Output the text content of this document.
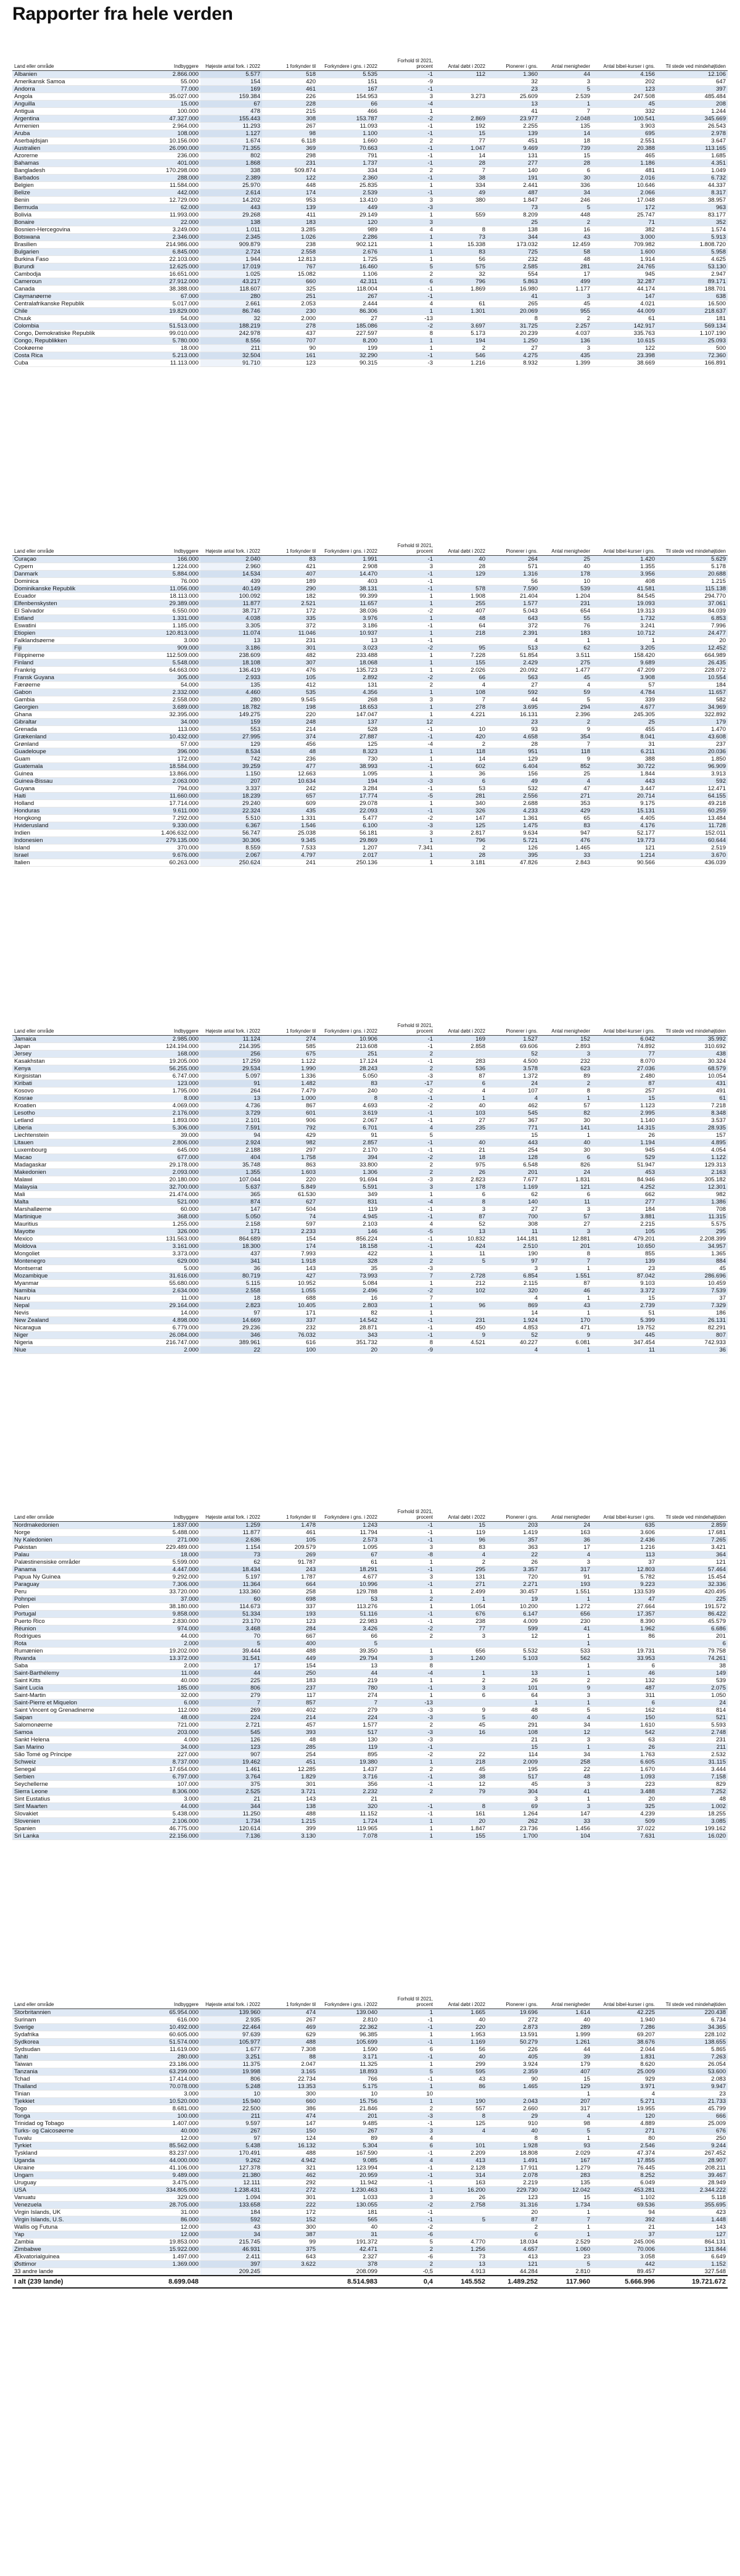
Rapporter fra hele verden
Land eller område	Indbyggere	Højeste antal fork. i 2022	1 forkynder til	Forkyndere i gns. i 2022	Forhold til 2021, procent	Antal døbt i 2022	Pionerer i gns.	Antal menigheder	Antal bibel-kurser i gns.	Til stede ved mindehøjtiden
Albanien	2.866.000	5.577	518	5.535	-1	112	1.360	44	4.156	12.106
Amerikansk Samoa	55.000	154	420	151	-9		32	3	202	647
Andorra	77.000	169	461	167	-1		23	5	123	397
Angola	35.027.000	159.384	226	154.953	3	3.273	25.609	2.539	247.508	485.484
Anguilla	15.000	67	228	66	-4		13	1	45	208
Antigua	100.000	478	215	466	1		41	7	332	1.244
Argentina	47.327.000	155.443	308	153.787	-2	2.869	23.977	2.048	100.541	345.669
Armenien	2.964.000	11.293	267	11.093	-1	192	2.255	135	3.903	26.543
Aruba	108.000	1.127	98	1.100	-1	15	139	14	695	2.978
Aserbajdsjan	10.156.000	1.674	6.118	1.660	2	77	451	18	2.551	3.647
Australien	26.090.000	71.355	369	70.663	-1	1.047	9.469	739	20.388	113.165
Azorerne	236.000	802	298	791	-1	14	131	15	465	1.685
Bahamas	401.000	1.868	231	1.737	-1	28	277	28	1.186	4.351
Bangladesh	170.298.000	338	509.874	334	2	7	140	6	481	1.049
Barbados	288.000	2.389	122	2.360	-1	38	191	30	2.016	6.732
Belgien	11.584.000	25.970	448	25.835	1	334	2.441	336	10.646	44.337
Belize	442.000	2.614	174	2.539	-1	49	487	34	2.066	8.317
Benin	12.729.000	14.202	953	13.410	3	380	1.847	246	17.048	38.957
Bermuda	62.000	443	139	449	-3		73	5	172	963
Bolivia	11.993.000	29.268	411	29.149	1	559	8.209	448	25.747	83.177
Bonaire	22.000	138	183	120	3		25	2	71	352
Bosnien-Hercegovina	3.249.000	1.011	3.285	989	4	8	138	16	382	1.574
Botswana	2.346.000	2.345	1.026	2.286	1	73	344	43	3.000	5.913
Brasilien	214.986.000	909.879	238	902.121	1	15.338	173.032	12.459	709.982	1.808.720
Bulgarien	6.845.000	2.724	2.558	2.676	1	83	725	58	1.600	5.958
Burkina Faso	22.103.000	1.944	12.813	1.725	1	56	232	48	1.914	4.625
Burundi	12.625.000	17.019	767	16.460	5	575	2.585	281	24.765	53.130
Cambodja	16.651.000	1.025	15.082	1.106	2	32	554	17	945	2.947
Cameroun	27.912.000	43.217	660	42.311	6	796	5.863	499	32.287	89.171
Canada	38.388.000	118.607	325	118.004	-1	1.869	16.980	1.177	44.174	188.701
Caymanøerne	67.000	280	251	267	-1		41	3	147	638
Centralafrikanske Republik	5.017.000	2.661	2.053	2.444	4	61	265	45	4.021	16.500
Chile	19.829.000	86.746	230	86.306	1	1.301	20.069	955	44.009	218.637
Chuuk	54.000	32	2.000	27	-13		8	2	61	181
Colombia	51.513.000	188.219	278	185.086	-2	3.697	31.725	2.257	142.917	569.134
Congo, Demokratiske Republik	99.010.000	242.978	437	227.597	8	5.173	20.239	4.037	335.763	1.107.190
Congo, Republikken	5.780.000	8.556	707	8.200	1	194	1.250	136	10.615	25.093
Cookøerne	18.000	211	90	199	1	2	27	3	122	500
Costa Rica	5.213.000	32.504	161	32.290	-1	546	4.275	435	23.398	72.360
Cuba	11.113.000	91.710	123	90.315	-3	1.216	8.932	1.399	38.669	166.891
Land eller område	Indbyggere	Højeste antal fork. i 2022	1 forkynder til	Forkyndere i gns. i 2022	Forhold til 2021, procent	Antal døbt i 2022	Pionerer i gns.	Antal menigheder	Antal bibel-kurser i gns.	Til stede ved mindehøjtiden
Curaçao	166.000	2.040	83	1.991	-1	40	264	25	1.420	5.629
Cypern	1.224.000	2.960	421	2.908	3	28	571	40	1.355	5.178
Danmark	5.884.000	14.534	407	14.470	-1	129	1.316	178	3.956	20.688
Dominica	76.000	439	189	403	-1		56	10	408	1.215
Dominikanske Republik	11.056.000	40.149	290	38.131	-1	578	7.590	539	41.581	115.138
Ecuador	18.113.000	100.092	182	99.399	1	1.908	21.404	1.204	84.545	294.770
Elfenbenskysten	29.389.000	11.877	2.521	11.657	1	255	1.577	231	19.093	37.061
El Salvador	6.550.000	38.717	172	38.036	-2	407	5.043	654	19.313	84.039
Estland	1.331.000	4.038	335	3.976	1	48	643	55	1.732	6.853
Eswatini	1.185.000	3.305	372	3.186	-1	64	372	76	3.241	7.996
Etiopien	120.813.000	11.074	11.046	10.937	1	218	2.391	183	10.712	24.477
Falklandsøerne	3.000	13	231	13	-1		4	1	1	20
Fiji	909.000	3.186	301	3.023	-2	95	513	62	3.205	12.452
Filippinerne	112.509.000	238.609	482	233.488	1	7.228	51.854	3.511	158.420	664.989
Finland	5.548.000	18.108	307	18.068	1	155	2.429	275	9.689	26.435
Frankrig	64.663.000	136.419	476	135.723	1	2.026	20.092	1.477	47.209	228.072
Fransk Guyana	305.000	2.933	105	2.892	-2	66	563	45	3.908	10.554
Færøerne	54.000	135	412	131	2	4	27	4	57	184
Gabon	2.332.000	4.460	535	4.356	1	108	592	59	4.784	11.657
Gambia	2.558.000	280	9.545	268	3	7	44	5	339	582
Georgien	3.689.000	18.782	198	18.653	1	278	3.695	294	4.677	34.969
Ghana	32.395.000	149.275	220	147.047	1	4.221	16.131	2.396	245.305	322.892
Gibraltar	34.000	159	248	137	12		23	2	25	179
Grenada	113.000	553	214	528	-1	10	93	9	455	1.470
Grækenland	10.432.000	27.995	374	27.887	-1	420	4.658	354	8.041	43.608
Grønland	57.000	129	456	125	-4	2	28	7	31	237
Guadeloupe	396.000	8.534	48	8.323	1	118	951	118	6.211	20.036
Guam	172.000	742	236	730	1	14	129	9	388	1.850
Guatemala	18.584.000	39.259	477	38.993	-1	602	6.404	852	30.722	96.909
Guinea	13.866.000	1.150	12.663	1.095	1	36	156	25	1.844	3.913
Guinea-Bissau	2.063.000	207	10.634	194	-3	6	49	4	443	592
Guyana	794.000	3.337	242	3.284	-1	53	532	47	3.447	12.471
Haiti	11.660.000	18.239	657	17.774	-5	281	2.556	271	20.714	64.155
Holland	17.714.000	29.240	609	29.078	1	340	2.688	353	9.175	49.218
Honduras	9.611.000	22.324	435	22.093	-1	326	4.233	429	15.131	60.259
Hongkong	7.292.000	5.510	1.331	5.477	-2	147	1.361	65	4.405	13.484
Hviderusland	9.330.000	6.367	1.546	6.100	-3	125	1.475	83	4.176	11.728
Indien	1.406.632.000	56.747	25.038	56.181	3	2.817	9.634	947	52.177	152.011
Indonesien	279.135.000	30.306	9.345	29.869	1	796	5.721	476	19.773	60.644
Island	370.000	8.559	7.533	1.207	7.341	2	126	1.465	121	2.519
Israel	9.676.000	2.067	4.797	2.017	1	28	395	33	1.214	3.670
Italien	60.263.000	250.624	241	250.136	1	3.181	47.826	2.843	90.566	436.039
Land eller område	Indbyggere	Højeste antal fork. i 2022	1 forkynder til	Forkyndere i gns. i 2022	Forhold til 2021, procent	Antal døbt i 2022	Pionerer i gns.	Antal menigheder	Antal bibel-kurser i gns.	Til stede ved mindehøjtiden
Jamaica	2.985.000	11.124	274	10.906	-1	169	1.527	152	6.042	35.992
Japan	124.194.000	214.395	585	213.608	-1	2.858	69.606	2.893	74.892	310.692
Jersey	168.000	256	675	251	2		52	3	77	438
Kasakhstan	19.205.000	17.259	1.122	17.124	-1	283	4.500	232	8.070	30.324
Kenya	56.255.000	29.534	1.990	28.243	2	536	3.578	623	27.036	68.579
Kirgisistan	6.747.000	5.097	1.336	5.050	-3	87	1.372	89	2.480	10.054
Kiribati	123.000	91	1.482	83	-17	6	24	2	87	431
Kosovo	1.795.000	264	7.479	240	-2	4	107	8	257	491
Kosrae	8.000	13	1.000	8	-1	1	4	1	15	61
Kroatien	4.069.000	4.736	867	4.693	-2	40	462	57	1.123	7.218
Lesotho	2.176.000	3.729	601	3.619	-1	103	545	82	2.995	8.348
Letland	1.893.000	2.101	906	2.067	-1	27	367	30	1.140	3.537
Liberia	5.306.000	7.591	792	6.701	4	235	771	141	14.315	28.935
Liechtenstein	39.000	94	429	91	5		15	1	26	157
Litauen	2.806.000	2.924	982	2.857	-1	40	443	40	1.194	4.895
Luxembourg	645.000	2.188	297	2.170	-1	21	254	30	945	4.054
Macao	677.000	404	1.758	394	-2	18	128	6	529	1.122
Madagaskar	29.178.000	35.748	863	33.800	2	975	6.548	826	51.947	129.313
Makedonien	2.093.000	1.355	1.603	1.306	2	26	201	24	453	2.163
Malawi	20.180.000	107.044	220	91.694	-3	2.823	7.677	1.831	84.946	305.182
Malaysia	32.700.000	5.637	5.849	5.591	3	178	1.169	121	4.252	12.301
Mali	21.474.000	365	61.530	349	1	6	62	6	662	982
Malta	521.000	874	627	831	-4	8	140	11	277	1.386
Marshalløerne	60.000	147	504	119	-1	3	27	3	184	708
Martinique	368.000	5.050	74	4.945	-1	87	700	57	3.881	11.315
Mauritius	1.255.000	2.158	597	2.103	4	52	308	27	2.215	5.575
Mayotte	326.000	171	2.233	146	-5	13	11	3	105	295
Mexico	131.563.000	864.689	154	856.224	-1	10.832	144.181	12.881	479.201	2.208.399
Moldova	3.161.000	18.300	174	18.158	-1	424	2.510	201	10.650	34.957
Mongoliet	3.373.000	437	7.993	422	1	11	190	8	855	1.365
Montenegro	629.000	341	1.918	328	2	5	97	7	139	884
Montserrat	5.000	36	143	35	-3		3	1	23	45
Mozambique	31.616.000	80.719	427	73.993	7	2.728	6.854	1.551	87.042	286.696
Myanmar	55.680.000	5.115	10.952	5.084	1	212	2.115	87	9.103	10.459
Namibia	2.634.000	2.558	1.055	2.496	-2	102	320	46	3.372	7.539
Nauru	11.000	18	688	16	7		4	1	15	37
Nepal	29.164.000	2.823	10.405	2.803	1	96	869	43	2.739	7.329
Nevis	14.000	97	171	82	1		14	1	51	186
New Zealand	4.898.000	14.669	337	14.542	-1	231	1.924	170	5.399	26.131
Nicaragua	6.779.000	29.236	232	28.871	-1	450	4.853	471	19.752	82.291
Niger	26.084.000	346	76.032	343	-1	9	52	9	445	807
Nigeria	216.747.000	389.961	616	351.732	8	4.521	40.227	6.081	347.454	742.933
Niue	2.000	22	100	20	-9		4	1	11	36
Land eller område	Indbyggere	Højeste antal fork. i 2022	1 forkynder til	Forkyndere i gns. i 2022	Forhold til 2021, procent	Antal døbt i 2022	Pionerer i gns.	Antal menigheder	Antal bibel-kurser i gns.	Til stede ved mindehøjtiden
Nordmakedonien	1.837.000	1.259	1.478	1.243	-1	15	203	24	635	2.859
Norge	5.488.000	11.877	461	11.794	-1	119	1.419	163	3.606	17.681
Ny Kaledonien	271.000	2.636	105	2.573	-1	96	357	36	2.436	7.265
Pakistan	229.489.000	1.154	209.579	1.095	3	83	363	17	1.216	3.421
Palau	18.000	73	269	67	-8	4	22	4	113	364
Palæstinensiske områder	5.599.000	62	91.787	61	1	2	26	3	37	121
Panama	4.447.000	18.434	243	18.291	-1	295	3.357	317	12.803	57.464
Papua Ny Guinea	9.292.000	5.197	1.787	4.677	3	131	720	91	5.782	15.454
Paraguay	7.306.000	11.364	664	10.996	-1	271	2.271	193	9.223	32.336
Peru	33.720.000	133.360	258	129.788	1	2.499	30.457	1.551	133.539	420.495
Pohnpei	37.000	60	698	53	2	1	19	1	47	225
Polen	38.180.000	114.673	337	113.276	1	1.054	10.200	1.272	27.664	191.572
Portugal	9.858.000	51.334	193	51.116	-1	676	6.147	656	17.357	86.422
Puerto Rico	2.830.000	23.170	123	22.983	-1	238	4.009	230	8.390	45.579
Réunion	974.000	3.468	284	3.426	-2	77	599	41	1.962	6.686
Rodrigues	44.000	70	667	66	2	3	12	1	86	201
Rota	2.000	5	400	5				1		6
Rumænien	19.202.000	39.444	488	39.350	1	656	5.532	533	19.731	79.758
Rwanda	13.372.000	31.541	449	29.794	3	1.240	5.103	562	33.953	74.261
Saba	2.000	17	154	13	8			1	6	38
Saint-Barthélemy	11.000	44	250	44	-4	1	13	1	46	149
Saint Kitts	40.000	225	183	219	1	2	26	2	132	539
Saint Lucia	185.000	806	237	780	-1	3	101	9	487	2.075
Saint-Martin	32.000	279	117	274	1	6	64	3	311	1.050
Saint-Pierre et Miquelon	6.000	7	857	7	-13		1	1	6	24
Saint Vincent og Grenadinerne	112.000	269	402	279	-3	9	48	5	162	814
Saipan	48.000	224	214	224	-3	5	40	4	150	521
Salomonøerne	721.000	2.721	457	1.577	2	45	291	34	1.610	5.593
Samoa	203.000	545	393	517	-3	16	108	12	542	2.748
Sankt Helena	4.000	126	48	130	-3		21	3	63	231
San Marino	34.000	123	285	119	-1		15	1	26	211
São Tomé og Príncipe	227.000	907	254	895	-2	22	114	34	1.763	2.532
Schweiz	8.737.000	19.462	451	19.380	1	218	2.009	258	6.605	31.115
Senegal	17.654.000	1.461	12.285	1.437	2	45	195	22	1.670	3.444
Serbien	6.797.000	3.764	1.829	3.716	-1	38	517	48	1.093	7.158
Seychellerne	107.000	375	301	356	-1	12	45	3	223	829
Sierra Leone	8.306.000	2.525	3.721	2.232	2	79	304	41	3.488	7.252
Sint Eustatius	3.000	21	143	21			3	1	20	48
Sint Maarten	44.000	344	138	320	-1	8	69	3	325	1.002
Slovakiet	5.438.000	11.250	488	11.152	-1	161	1.264	147	4.239	18.255
Slovenien	2.106.000	1.734	1.215	1.724	1	20	262	33	509	3.085
Spanien	46.775.000	120.614	399	119.965	1	1.847	23.736	1.456	37.022	199.162
Sri Lanka	22.156.000	7.136	3.130	7.078	1	155	1.700	104	7.631	16.020
Land eller område	Indbyggere	Højeste antal fork. i 2022	1 forkynder til	Forkyndere i gns. i 2022	Forhold til 2021, procent	Antal døbt i 2022	Pionerer i gns.	Antal menigheder	Antal bibel-kurser i gns.	Til stede ved mindehøjtiden
Storbritannien	65.954.000	139.960	474	139.040	1	1.665	19.696	1.614	42.225	220.438
Surinam	616.000	2.935	267	2.810	-1	40	272	40	1.940	6.734
Sverige	10.492.000	22.464	469	22.362	-1	220	2.873	289	7.286	34.365
Sydafrika	60.605.000	97.639	629	96.385	1	1.953	13.591	1.999	69.207	228.102
Sydkorea	51.574.000	105.977	488	105.699	-1	1.169	50.279	1.261	38.676	138.655
Sydsudan	11.619.000	1.677	7.308	1.590	6	56	226	44	2.044	5.865
Tahiti	280.000	3.251	88	3.171	-1	40	405	39	1.831	7.263
Taiwan	23.186.000	11.375	2.047	11.325	1	299	3.924	179	8.620	26.054
Tanzania	63.299.000	19.998	3.165	18.893	5	595	2.359	407	25.009	53.600
Tchad	17.414.000	806	22.734	766	-1	43	90	15	929	2.083
Thailand	70.078.000	5.248	13.353	5.175	1	86	1.465	129	3.971	9.947
Tinian	3.000	10	300	10	10			1	4	23
Tjekkiet	10.520.000	15.940	660	15.756	1	190	2.043	207	5.271	21.733
Togo	8.681.000	22.500	386	21.846	2	557	2.660	317	19.955	45.799
Tonga	100.000	211	474	201	-3	8	29	4	120	666
Trinidad og Tobago	1.407.000	9.597	147	9.485	-1	125	910	98	4.889	25.009
Turks- og Caicosøerne	40.000	267	150	267	3	4	40	5	271	676
Tuvalu	12.000	97	124	89	4		8	1	80	250
Tyrkiet	85.562.000	5.438	16.132	5.304	6	101	1.928	93	2.546	9.244
Tyskland	83.237.000	170.491	488	167.590	-1	2.209	18.808	2.029	47.374	267.452
Uganda	44.000.000	9.262	4.942	9.085	4	413	1.491	167	17.855	28.907
Ukraine	41.106.000	127.378	321	123.994	-1	2.128	17.911	1.279	76.445	208.211
Ungarn	9.489.000	21.380	462	20.959	-1	314	2.078	283	8.252	39.467
Uruguay	3.475.000	12.111	292	11.942	-1	163	2.219	135	6.049	28.949
USA	334.805.000	1.238.431	272	1.230.463	1	16.200	229.730	12.042	453.281	2.344.222
Vanuatu	329.000	1.094	301	1.033	3	26	123	15	1.102	5.118
Venezuela	28.705.000	133.658	222	130.055	-2	2.758	31.316	1.734	69.536	355.695
Virgin Islands, UK	31.000	184	172	181	-1		20	1	94	423
Virgin Islands, U.S.	86.000	592	152	565	-1	5	87	7	392	1.448
Wallis og Futuna	12.000	43	300	40	-2		2	1	21	143
Yap	12.000	34	387	31	-6		6	1	37	127
Zambia	19.853.000	215.745	99	191.372	5	4.770	18.034	2.529	245.006	864.131
Zimbabwe	15.922.000	46.931	375	42.471	2	1.256	4.657	1.060	70.006	131.844
Ækvatorialguinea	1.497.000	2.411	643	2.327	-6	73	413	23	3.058	6.649
Østtimor	1.369.000	397	3.622	378	2	13	121	5	442	1.152
33 andre lande		209.245		208.099	-0,5	4.913	44.284	2.810	89.457	327.548
I alt (239 lande)	8.699.048			8.514.983	0,4	145.552	1.489.252	117.960	5.666.996	19.721.672
